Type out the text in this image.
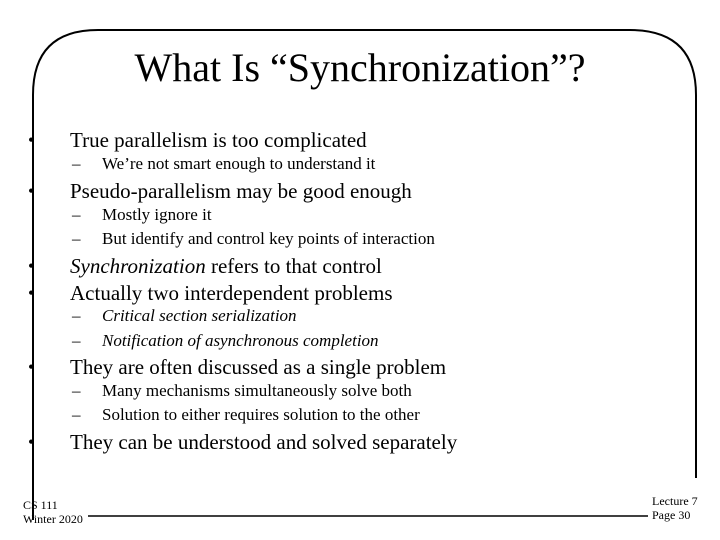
What Is “Synchronization”?
• True parallelism is too complicated
– We’re not smart enough to understand it
• Pseudo-parallelism may be good enough
– Mostly ignore it
– But identify and control key points of interaction
• Synchronization refers to that control
• Actually two interdependent problems
– Critical section serialization
– Notification of asynchronous completion
• They are often discussed as a single problem
– Many mechanisms simultaneously solve both
– Solution to either requires solution to the other
• They can be understood and solved separately
CS 111
Winter 2020
Lecture 7
Page 30
